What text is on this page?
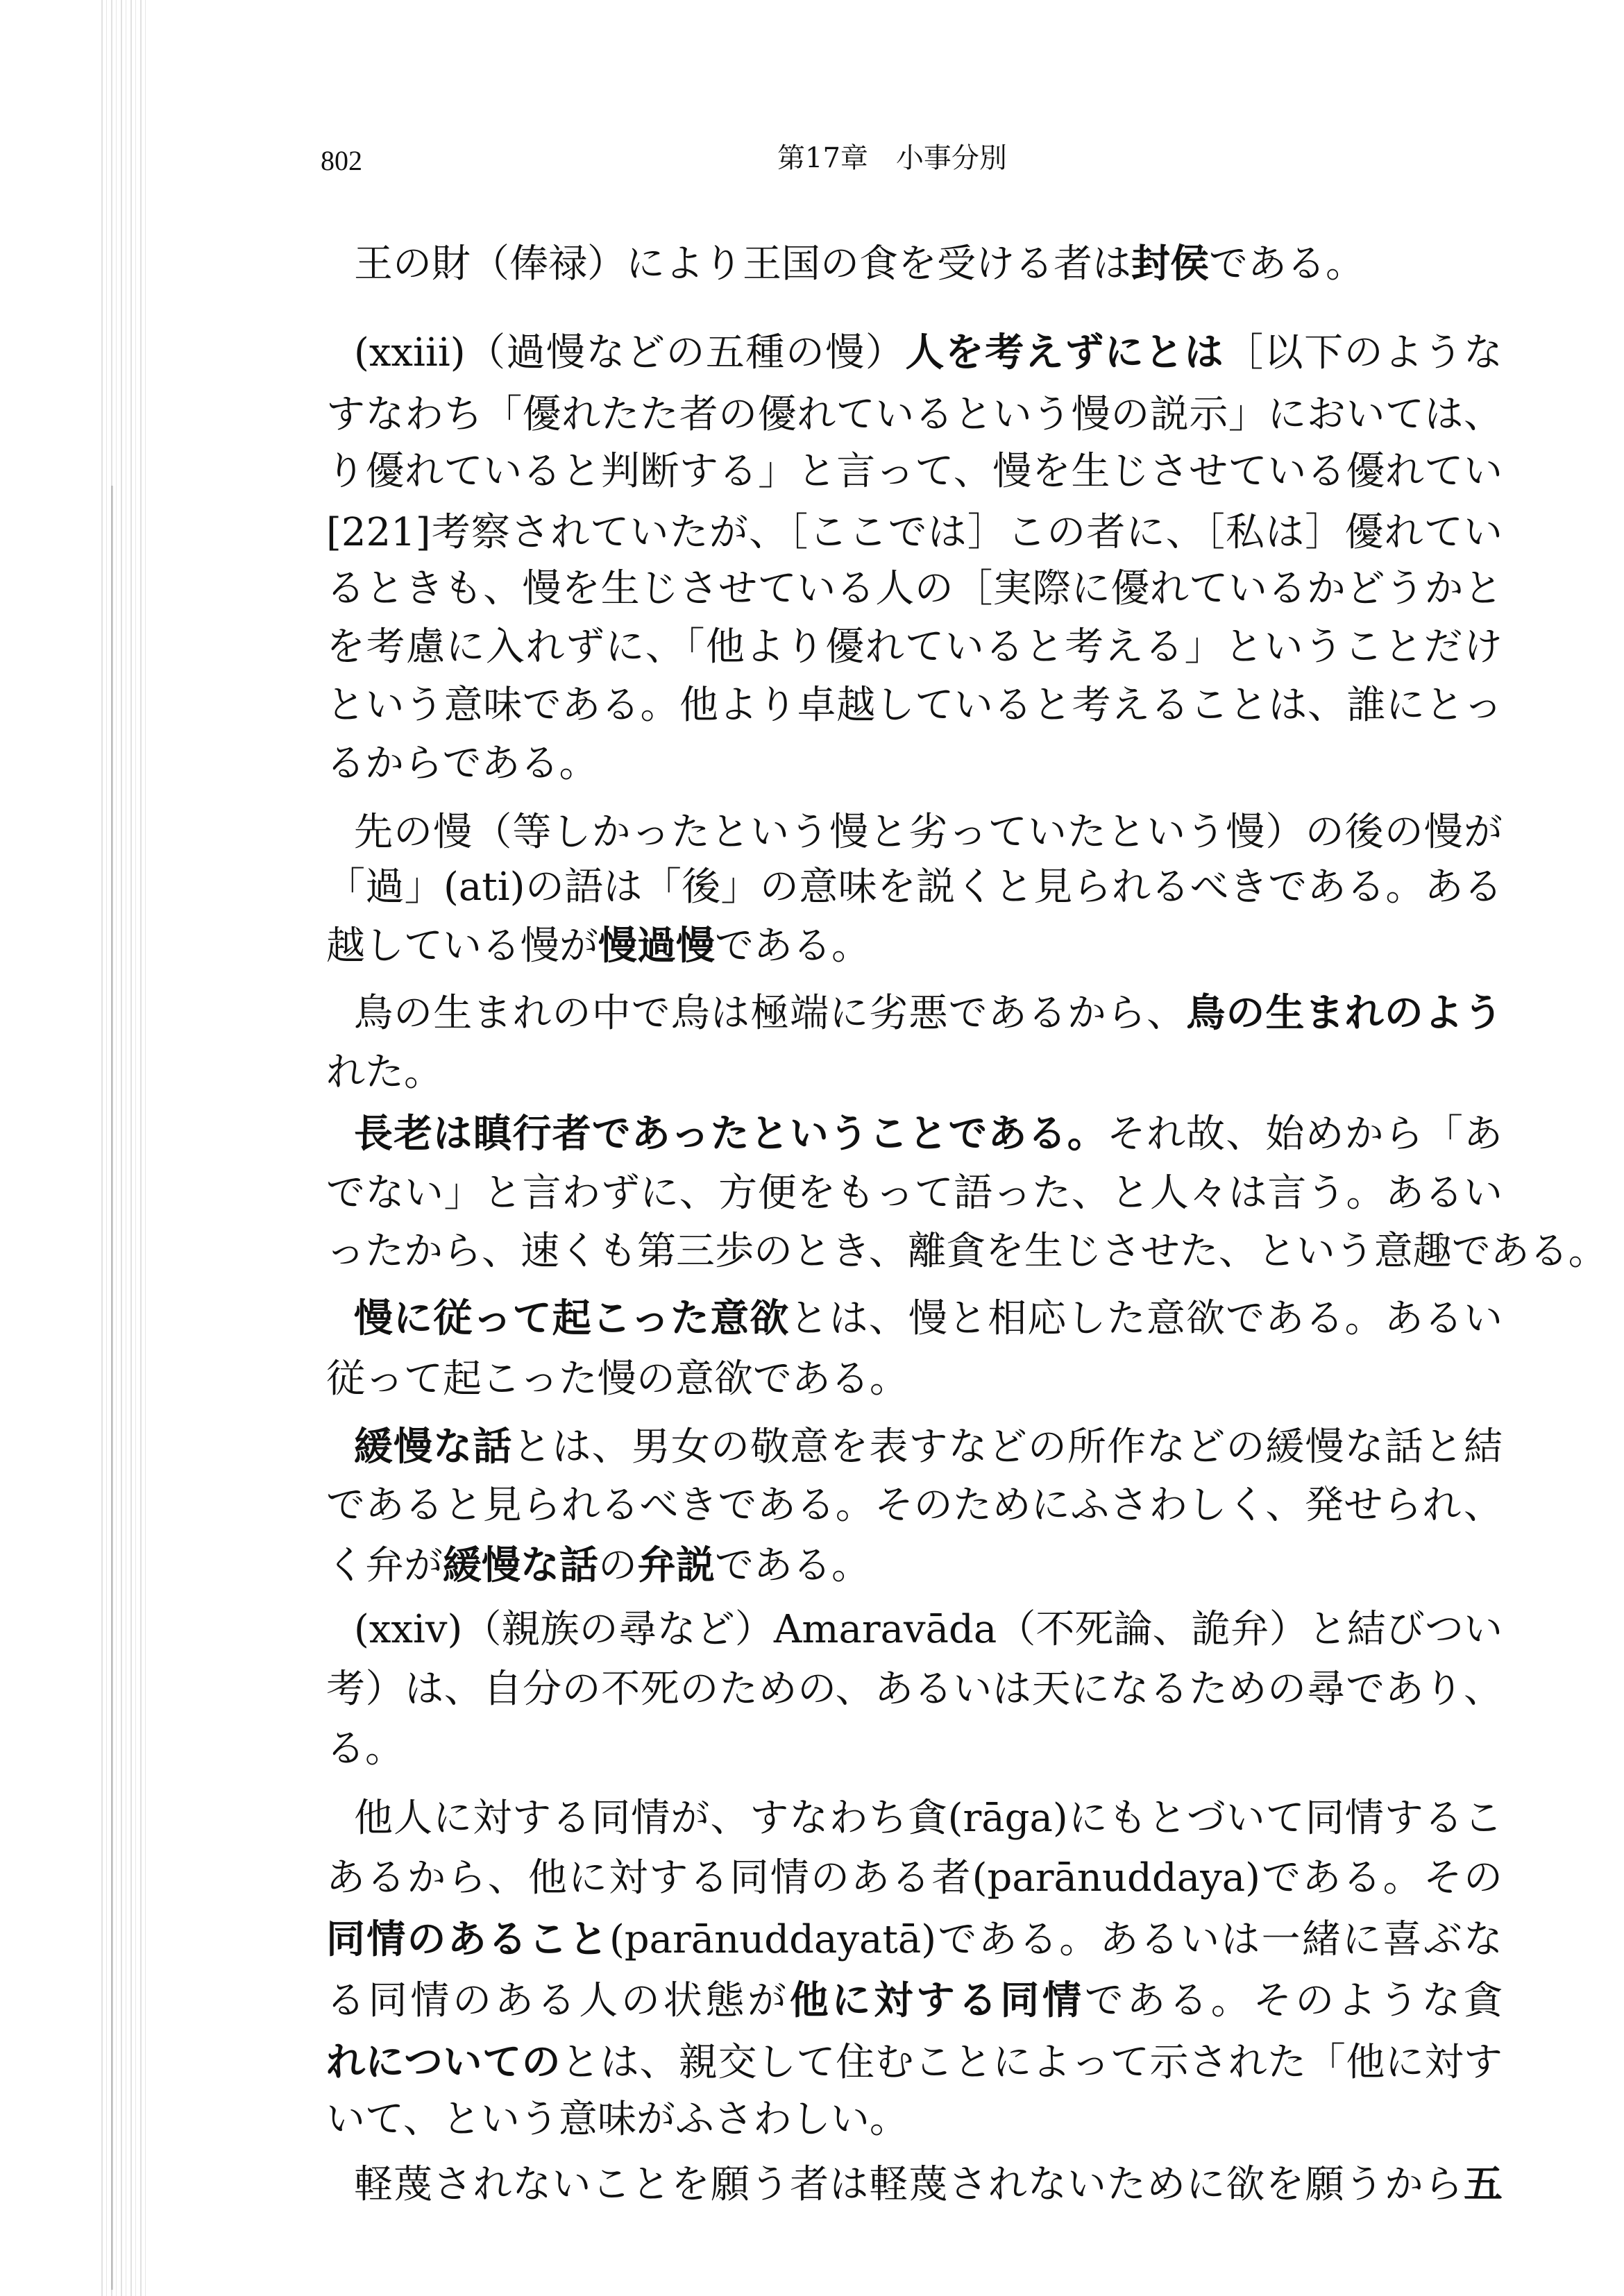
802	第17章　小事分別
王の財（俸禄）により王国の食を受ける者は封侯である。
(xxiii)（過慢などの五種の慢）人を考えずにとは［以下のような
すなわち「優れたた者の優れているという慢の説示」においては、
り優れていると判断する」と言って、慢を生じさせている優れてい
[221]考察されていたが、［ここでは］この者に、［私は］優れてい
るときも、慢を生じさせている人の［実際に優れているかどうかと
を考慮に入れずに、「他より優れていると考える」ということだけ
という意味である。他より卓越していると考えることは、誰にとっ
るからである。
先の慢（等しかったという慢と劣っていたという慢）の後の慢が
「過」(ati)の語は「後」の意味を説くと見られるべきである。ある
越している慢が慢過慢である。
鳥の生まれの中で烏は極端に劣悪であるから、鳥の生まれのよう
れた。
長老は瞋行者であったということである。それ故、始めから「あ
でない」と言わずに、方便をもって語った、と人々は言う。あるい
ったから、速くも第三歩のとき、離貪を生じさせた、という意趣である。
慢に従って起こった意欲とは、慢と相応した意欲である。あるい
従って起こった慢の意欲である。
緩慢な話とは、男女の敬意を表すなどの所作などの緩慢な話と結
であると見られるべきである。そのためにふさわしく、発せられ、
く弁が緩慢な話の弁説である。
(xxiv)（親族の尋など）Amaravāda（不死論、詭弁）と結びつい
考）は、自分の不死のための、あるいは天になるための尋であり、
る。
他人に対する同情が、すなわち貪(rāga)にもとづいて同情するこ
あるから、他に対する同情のある者(parānuddaya)である。その
同情のあること(parānuddayatā)である。あるいは一緒に喜ぶな
る同情のある人の状態が他に対する同情である。そのような貪
れについてのとは、親交して住むことによって示された「他に対す
いて、という意味がふさわしい。
軽蔑されないことを願う者は軽蔑されないために欲を願うから五
